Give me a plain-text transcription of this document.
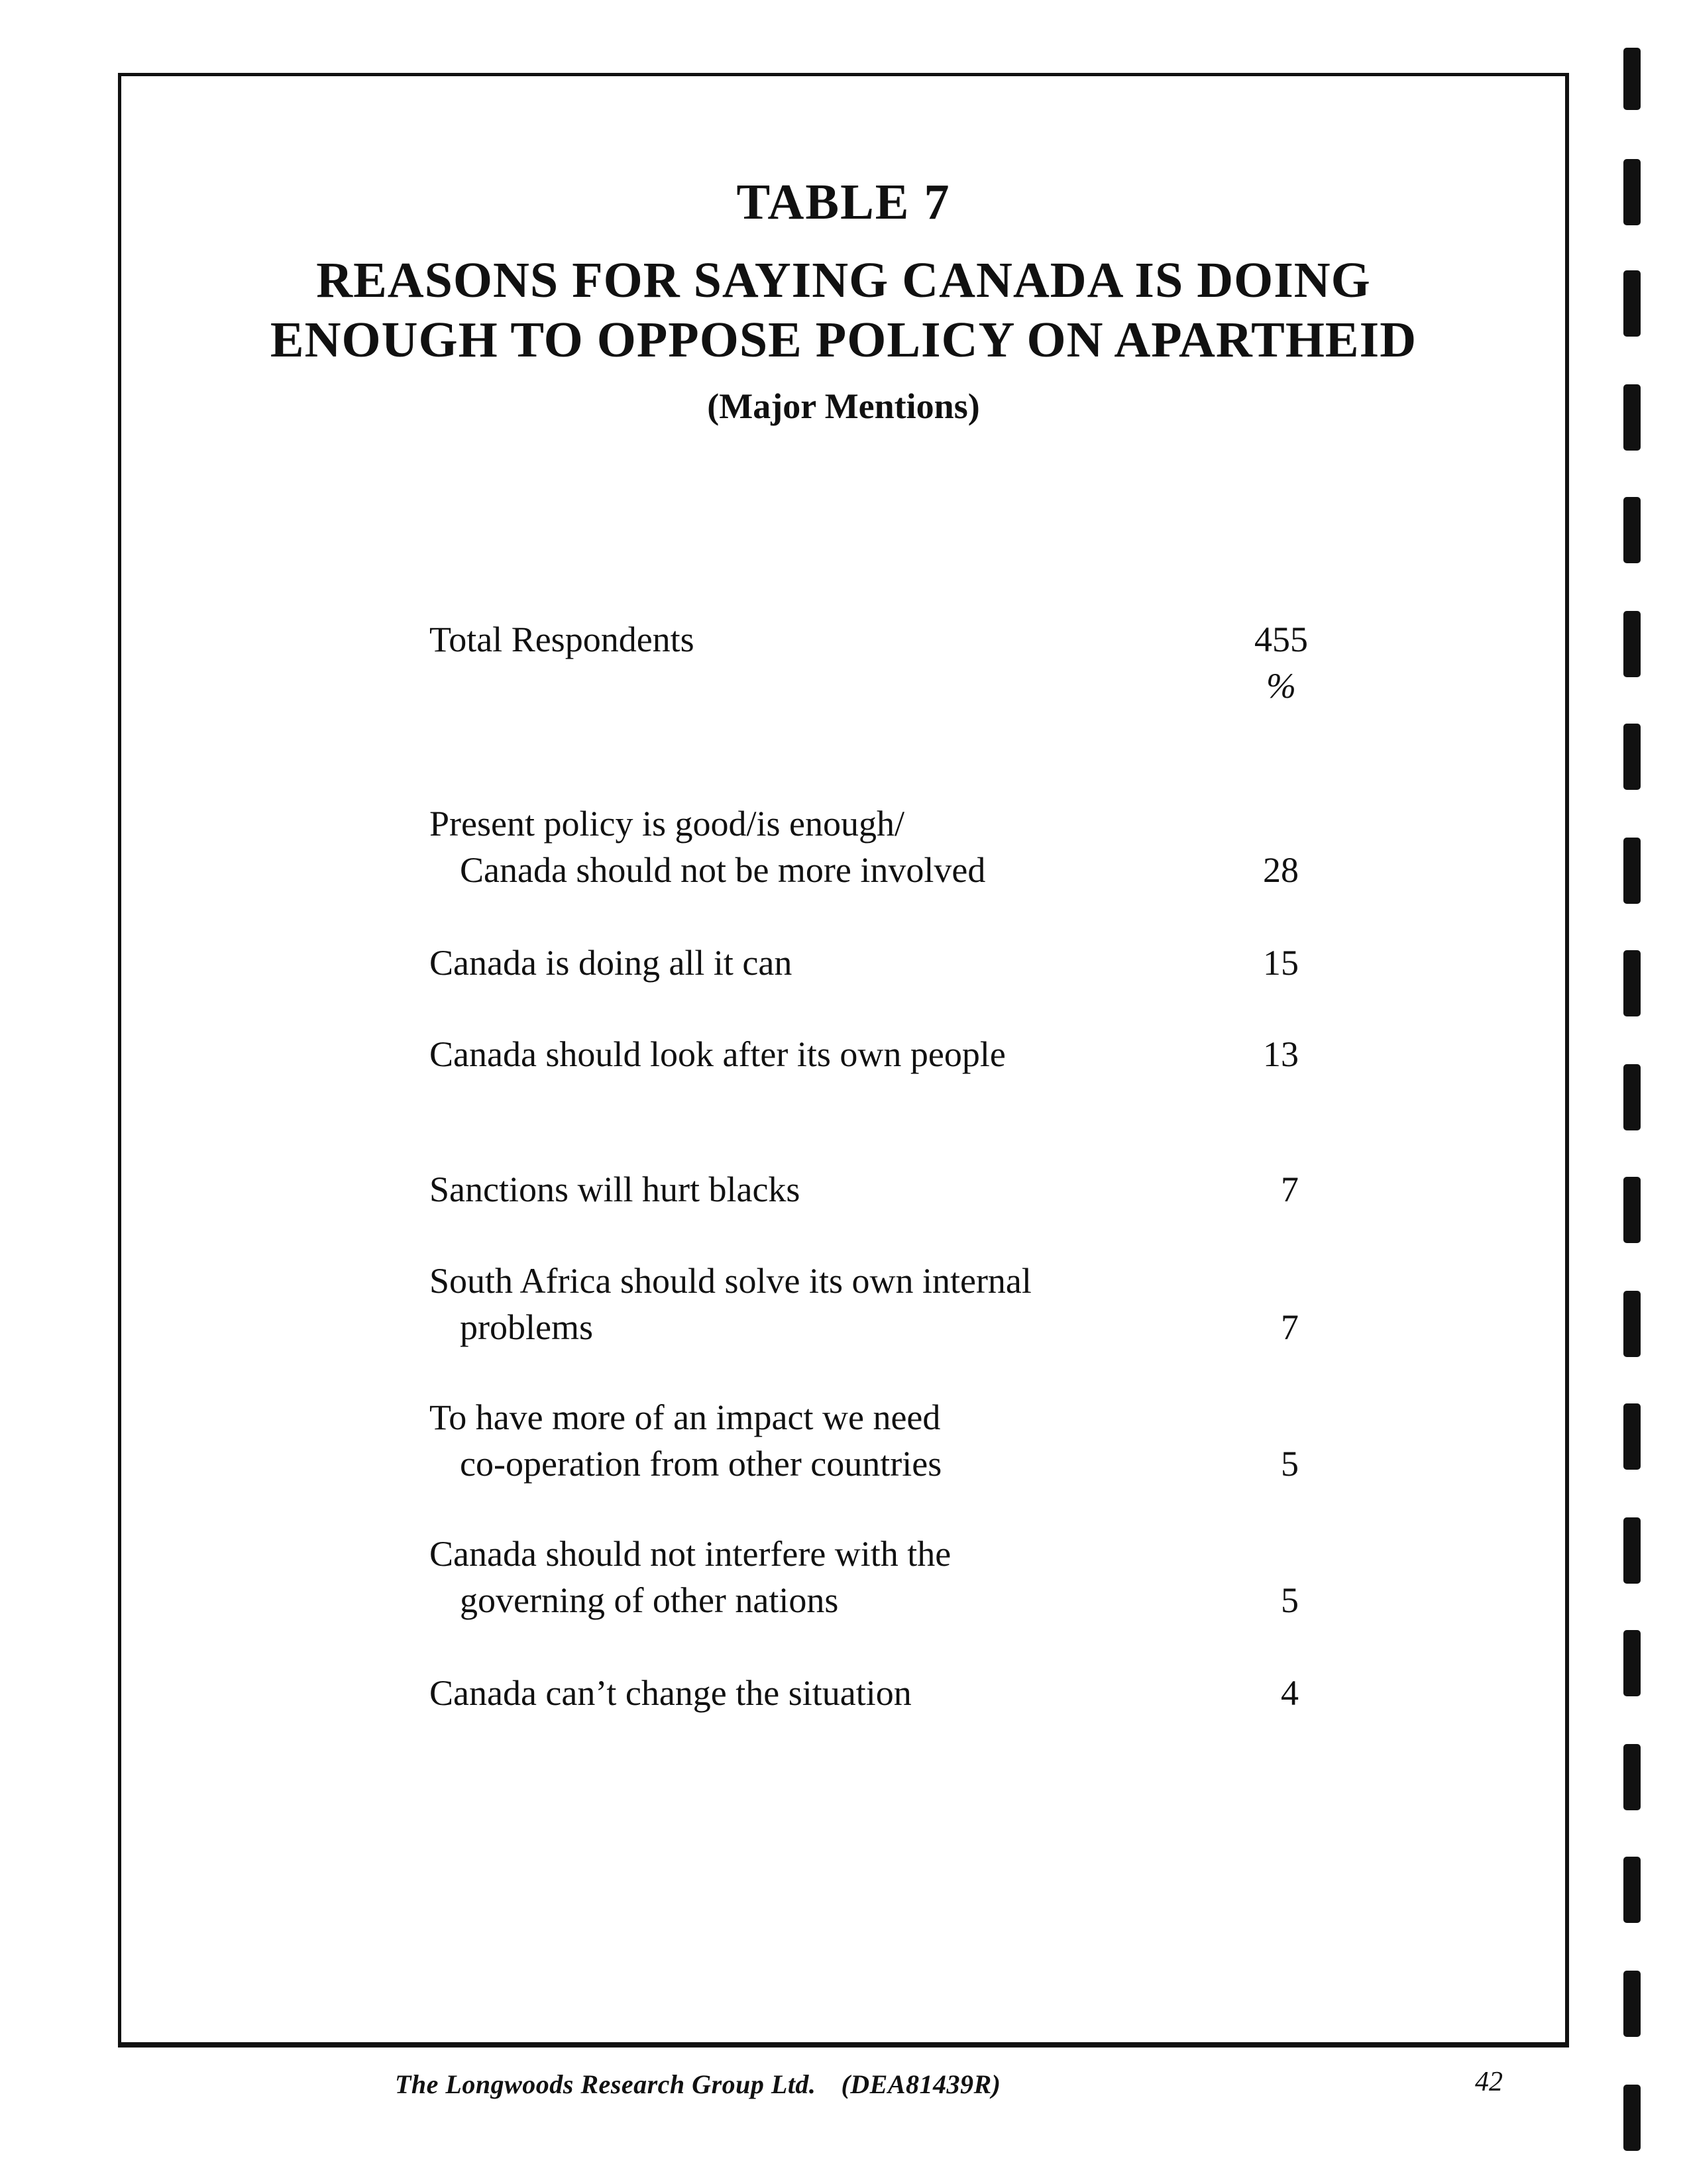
TABLE 7
REASONS FOR SAYING CANADA IS DOING
ENOUGH TO OPPOSE POLICY ON APARTHEID
(Major Mentions)
Total Respondents	455
%
Present policy is good/is enough/
Canada should not be more involved	28
Canada is doing all it can	15
Canada should look after its own people	13
Sanctions will hurt blacks	7
South Africa should solve its own internal
problems	7
To have more of an impact we need
co-operation from other countries	5
Canada should not interfere with the
governing of other nations	5
Canada can’t change the situation	4
The Longwoods Research Group Ltd. (DEA81439R)	42
